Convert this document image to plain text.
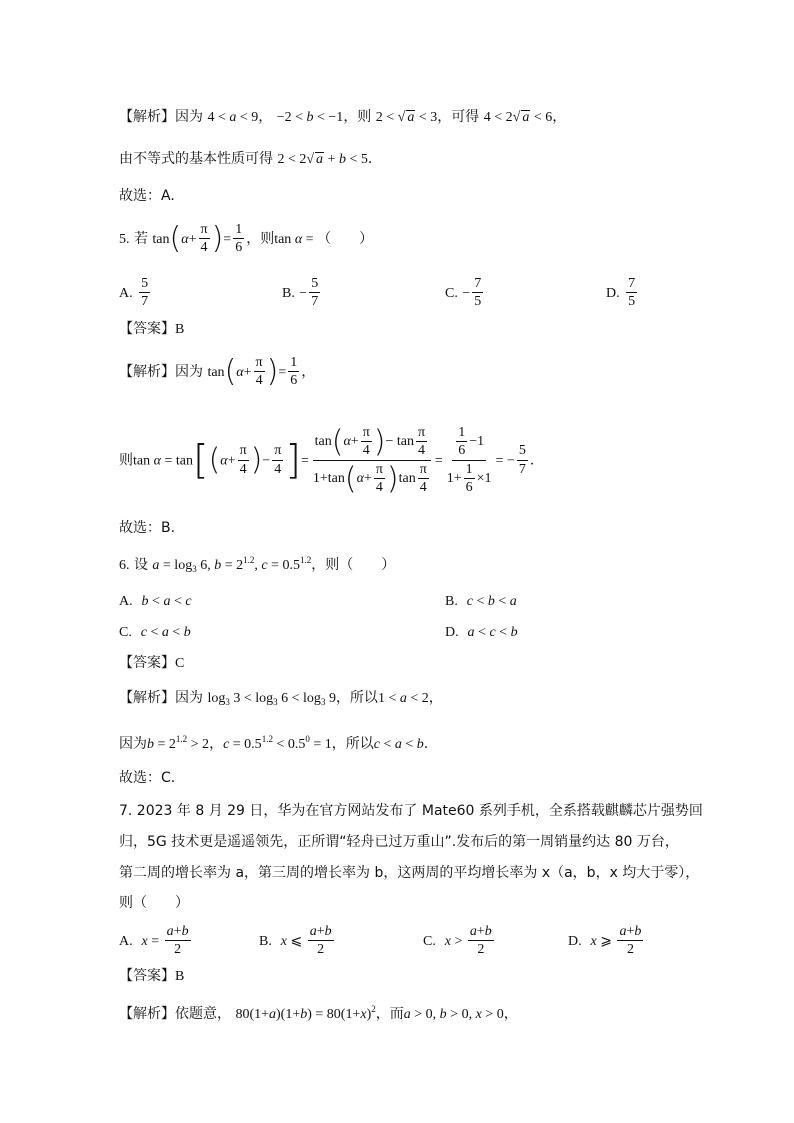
【解析】因为 4 < a < 9， −2 < b < −1，则 2 < √ a < 3，可得 4 < 2√ a < 6，
由不等式的基本性质可得 2 < 2√ a + b < 5.
故选：A.
5. 若 $\tan(\alpha+ \frac{\pi}{4}$ )= $\frac{1}{6}$ ，则tan α = （　　）
A. $\frac{5}{7}$	B. − $\frac{5}{7}$	C. − $\frac{7}{5}$	D. $\frac{7}{5}$
【答案】B
【解析】因为 $\tan(\alpha+ \frac{\pi}{4}$ )= $\frac{1}{6}$ ，
则$\tan \alpha = \tan[(\alpha+ \frac{\pi}{4}$ )− $\frac{\pi}{4}$ ]= $\frac{\tan(\alpha+ \frac{\pi}{4} )- \tan \frac{\pi}{4}}{1+\tan(\alpha+ \frac{\pi}{4} )\tan \frac{\pi}{4}} = \frac{\frac{1}{6} -1}{1+ \frac{1}{6} \times 1}$ = − $\frac{5}{7}$ .
故选：B.
6. 设 $a = \log_3 6$, $b = 2^{1.2}$, $c = 0.5^{1.2}$，则（　　）
A. b < a < c	B. c < b < a
C. c < a < b	D. a < c < b
【答案】C
【解析】因为 $\log_3 3 < \log_3 6 < \log_3 9$，所以1 < a < 2，
因为$b = 2^{1.2} > 2$，$c = 0.5^{1.2} < 0.5^0 = 1$，所以c < a < b.
故选：C.
7. 2023 年 8 月 29 日，华为在官方网站发布了 Mate60 系列手机，全系搭载麒麟芯片强势回
归，5G 技术更是遥遥领先，正所谓“轻舟已过万重山”.发布后的第一周销量约达 80 万台，
第二周的增长率为 a，第三周的增长率为 b，这两周的平均增长率为 x（a，b，x 均大于零），
则（　　）
A. $x = \frac{a+b}{2}$	B. x ⩽ $\frac{a+b}{2}$	C. $x > \frac{a+b}{2}$	D. x ⩾ $\frac{a+b}{2}$
【答案】B
【解析】依题意， $80(1+a)(1+b) = 80(1+x)^2$，而a > 0, b > 0, x > 0，
